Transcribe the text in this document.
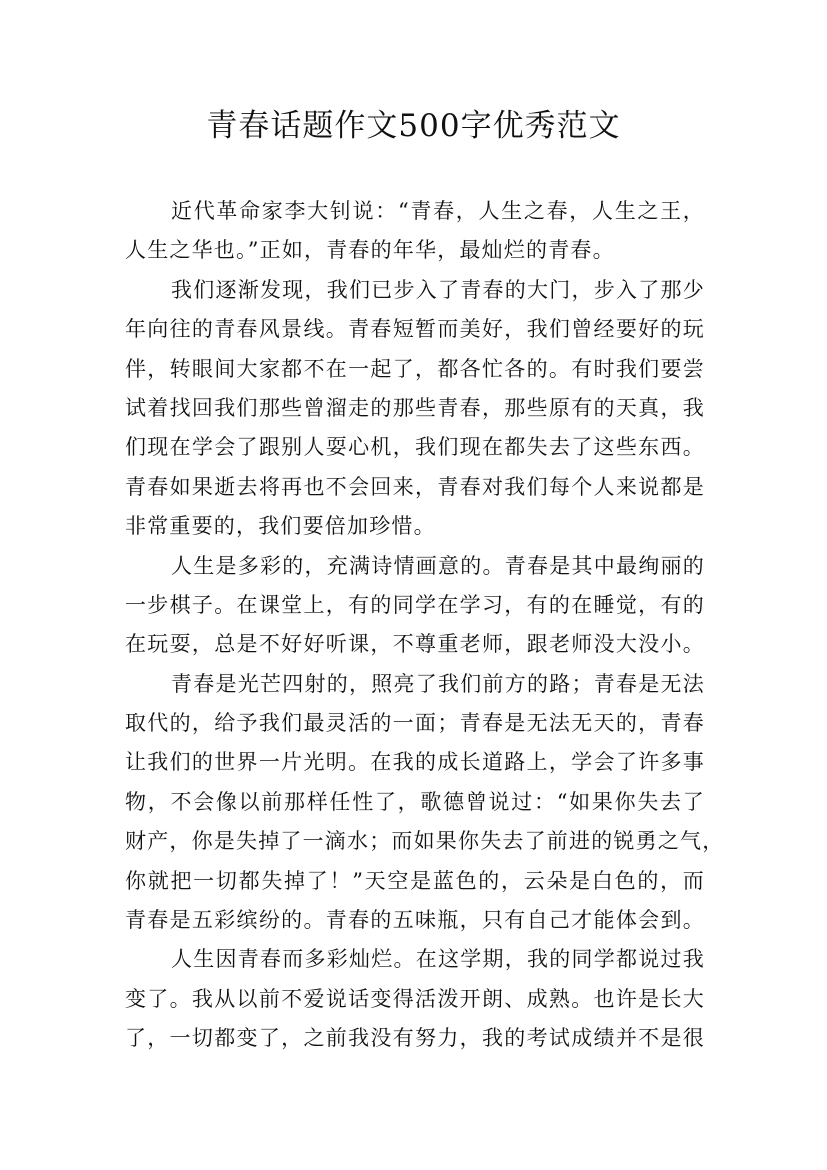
青春话题作文500字优秀范文
近代革命家李大钊说：“青春，人生之春，人生之王，
人生之华也。”正如，青春的年华，最灿烂的青春。
我们逐渐发现，我们已步入了青春的大门，步入了那少
年向往的青春风景线。青春短暂而美好，我们曾经要好的玩
伴，转眼间大家都不在一起了，都各忙各的。有时我们要尝
试着找回我们那些曾溜走的那些青春，那些原有的天真，我
们现在学会了跟别人耍心机，我们现在都失去了这些东西。
青春如果逝去将再也不会回来，青春对我们每个人来说都是
非常重要的，我们要倍加珍惜。
人生是多彩的，充满诗情画意的。青春是其中最绚丽的
一步棋子。在课堂上，有的同学在学习，有的在睡觉，有的
在玩耍，总是不好好听课，不尊重老师，跟老师没大没小。
青春是光芒四射的，照亮了我们前方的路；青春是无法
取代的，给予我们最灵活的一面；青春是无法无天的，青春
让我们的世界一片光明。在我的成长道路上，学会了许多事
物，不会像以前那样任性了，歌德曾说过：“如果你失去了
财产，你是失掉了一滴水；而如果你失去了前进的锐勇之气，
你就把一切都失掉了！”天空是蓝色的，云朵是白色的，而
青春是五彩缤纷的。青春的五味瓶，只有自己才能体会到。
人生因青春而多彩灿烂。在这学期，我的同学都说过我
变了。我从以前不爱说话变得活泼开朗、成熟。也许是长大
了，一切都变了，之前我没有努力，我的考试成绩并不是很
